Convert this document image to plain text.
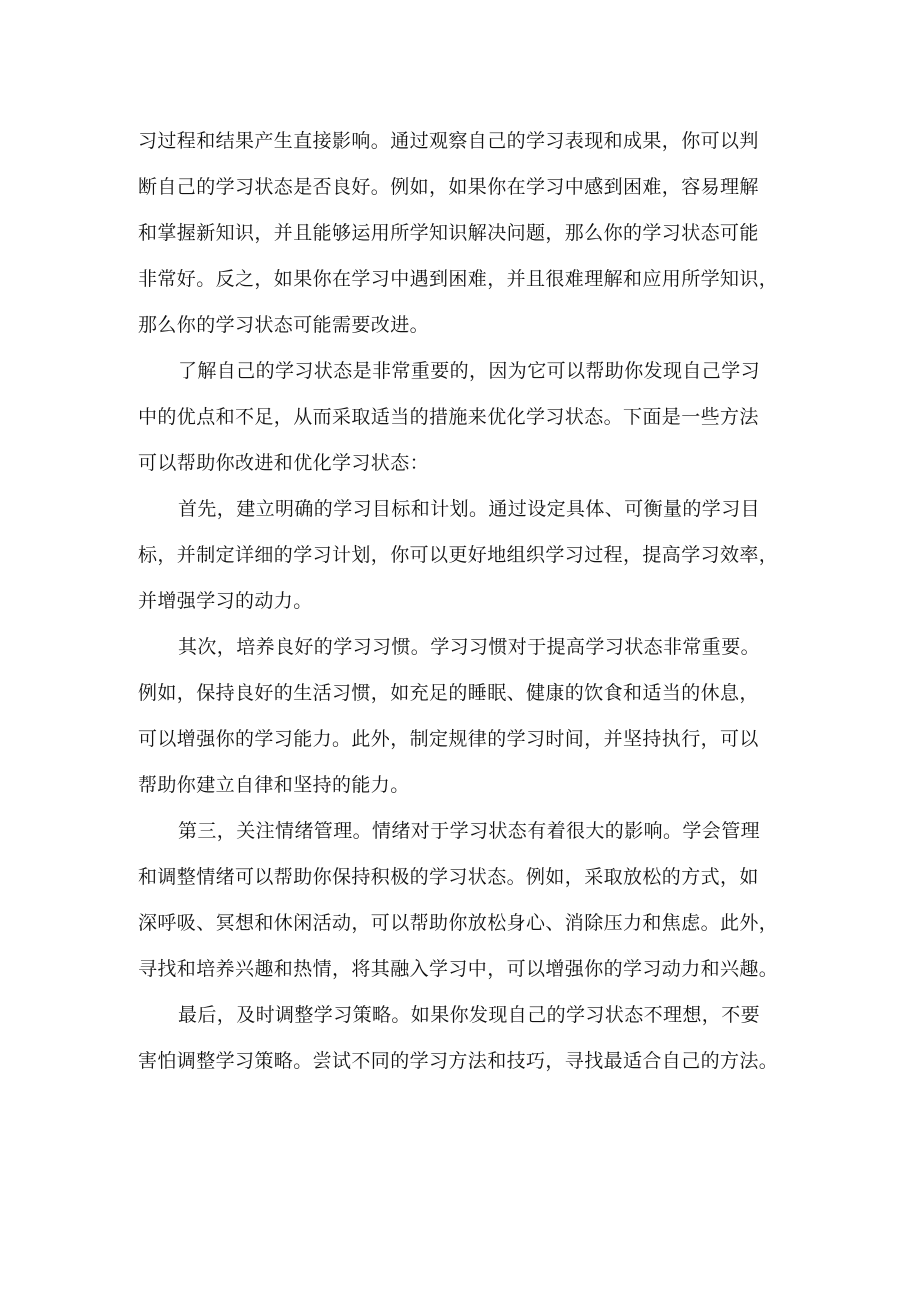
习过程和结果产生直接影响。通过观察自己的学习表现和成果，你可以判
断自己的学习状态是否良好。例如，如果你在学习中感到困难，容易理解
和掌握新知识，并且能够运用所学知识解决问题，那么你的学习状态可能
非常好。反之，如果你在学习中遇到困难，并且很难理解和应用所学知识，
那么你的学习状态可能需要改进。
了解自己的学习状态是非常重要的，因为它可以帮助你发现自己学习
中的优点和不足，从而采取适当的措施来优化学习状态。下面是一些方法
可以帮助你改进和优化学习状态：
首先，建立明确的学习目标和计划。通过设定具体、可衡量的学习目
标，并制定详细的学习计划，你可以更好地组织学习过程，提高学习效率，
并增强学习的动力。
其次，培养良好的学习习惯。学习习惯对于提高学习状态非常重要。
例如，保持良好的生活习惯，如充足的睡眠、健康的饮食和适当的休息，
可以增强你的学习能力。此外，制定规律的学习时间，并坚持执行，可以
帮助你建立自律和坚持的能力。
第三，关注情绪管理。情绪对于学习状态有着很大的影响。学会管理
和调整情绪可以帮助你保持积极的学习状态。例如，采取放松的方式，如
深呼吸、冥想和休闲活动，可以帮助你放松身心、消除压力和焦虑。此外，
寻找和培养兴趣和热情，将其融入学习中，可以增强你的学习动力和兴趣。
最后，及时调整学习策略。如果你发现自己的学习状态不理想，不要
害怕调整学习策略。尝试不同的学习方法和技巧，寻找最适合自己的方法。
